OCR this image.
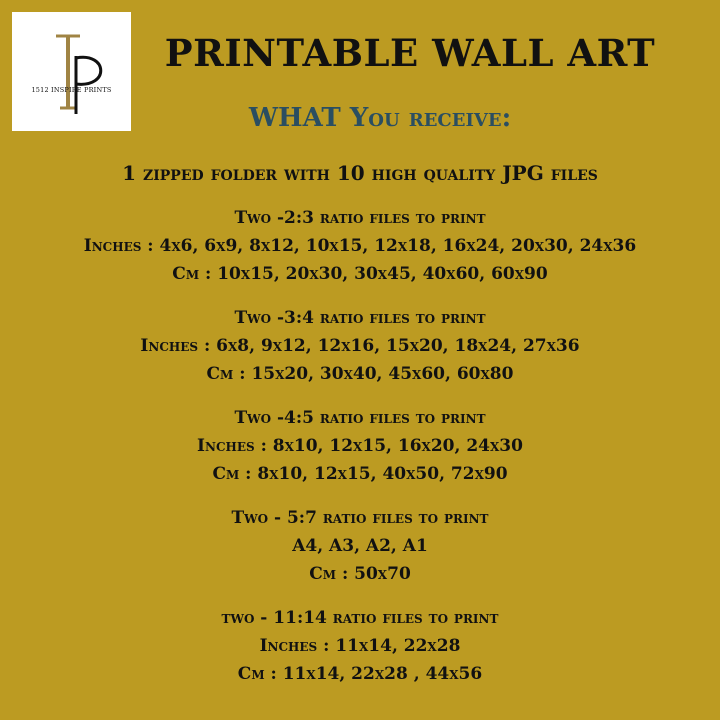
1512 INSPIRE PRINTS
PRINTABLE WALL ART
WHAT You receive:
1 zipped folder with 10 high quality JPG files
Two -2:3 ratio files to print
Inches : 4x6, 6x9, 8x12, 10x15, 12x18, 16x24, 20x30, 24x36
Cm : 10x15, 20x30, 30x45, 40x60, 60x90
Two -3:4 ratio files to print
Inches : 6x8, 9x12, 12x16, 15x20, 18x24, 27x36
Cm : 15x20, 30x40, 45x60, 60x80
Two -4:5 ratio files to print
Inches : 8x10, 12x15, 16x20, 24x30
Cm : 8x10, 12x15, 40x50, 72x90
Two - 5:7 ratio files to print
A4, A3, A2, A1
Cm : 50x70
two - 11:14 ratio files to print
Inches : 11x14, 22x28
Cm : 11x14, 22x28 , 44x56
